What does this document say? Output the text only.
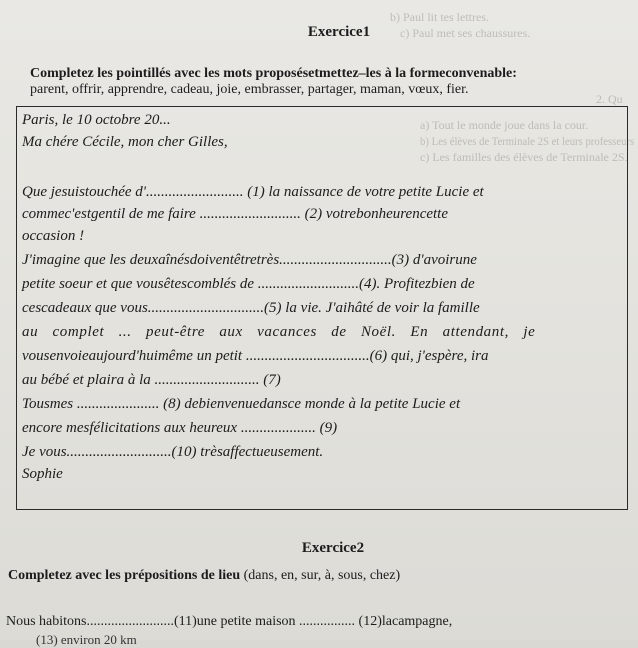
b) Paul lit tes lettres.
c) Paul met ses chaussures.
2. Qu
a) Tout le monde joue dans la cour.
b) Les élèves de Terminale 2S et leurs professeurs
c) Les familles des élèves de Terminale 2S.
Exercice1
Completez les pointillés avec les mots proposésetmettez–les à la formeconvenable:
parent, offrir, apprendre, cadeau, joie, embrasser, partager, maman, vœux, fier.
Paris, le 10 octobre 20...
Ma chére Cécile, mon cher Gilles,
Que jesuistouchée d'.......................... (1) la naissance de votre petite Lucie et
commec'estgentil de me faire ........................... (2) votrebonheurencette
occasion !
J'imagine que les deuxaînésdoiventêtretrès..............................(3) d'avoirune
petite soeur et que vousêtescomblés de ...........................(4). Profitezbien de
cescadeaux que vous...............................(5) la vie. J'aihâté de voir la famille
au complet ... peut-être aux vacances de Noël. En attendant, je
vousenvoieaujourd'huimême un petit .................................(6) qui, j'espère, ira
au bébé et plaira à la ............................ (7)
Tousmes ...................... (8) debienvenuedansce monde à la petite Lucie et
encore mesfélicitations aux heureux .................... (9)
Je vous............................(10) trèsaffectueusement.
Sophie
Exercice2
Completez avec les prépositions de lieu (dans, en, sur, à, sous, chez)
Nous habitons.........................(11)une petite maison ................ (12)lacampagne,
(13) environ 20 km
